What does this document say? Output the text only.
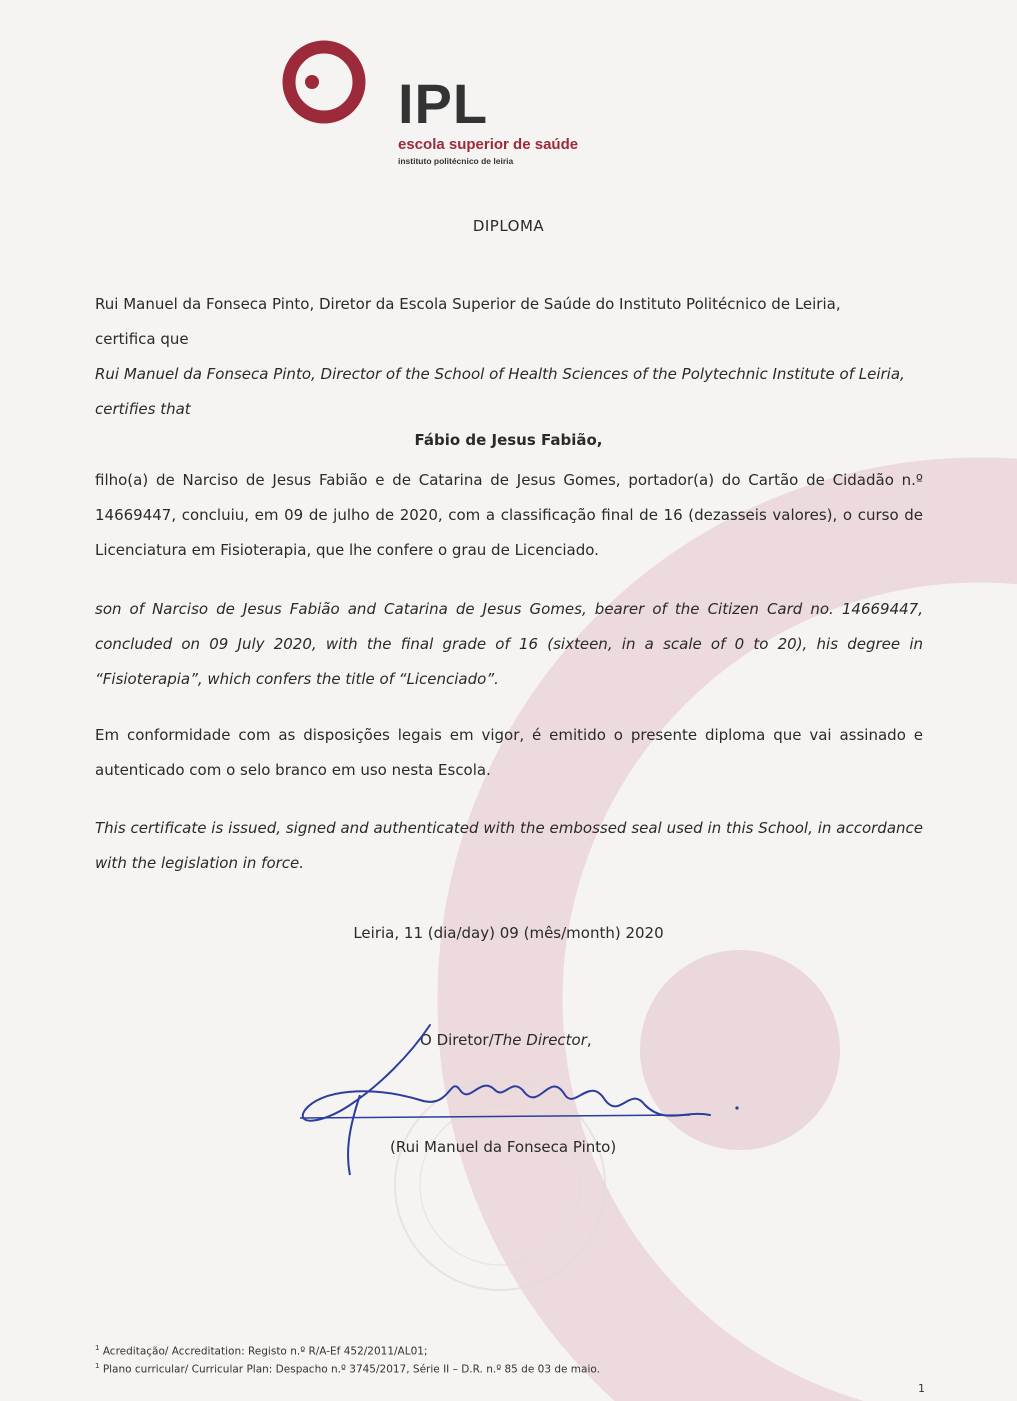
IPL
escola superior de saúde
instituto politécnico de leiria
DIPLOMA
Rui Manuel da Fonseca Pinto, Diretor da Escola Superior de Saúde do Instituto Politécnico de Leiria,
certifica que
Rui Manuel da Fonseca Pinto, Director of the School of Health Sciences of the Polytechnic Institute of Leiria,
certifies that
Fábio de Jesus Fabião,
filho(a) de Narciso de Jesus Fabião e de Catarina de Jesus Gomes, portador(a) do Cartão de Cidadão n.º 14669447, concluiu, em 09 de julho de 2020, com a classificação final de 16 (dezasseis valores), o curso de Licenciatura em Fisioterapia, que lhe confere o grau de Licenciado.
son of Narciso de Jesus Fabião and Catarina de Jesus Gomes, bearer of the Citizen Card no. 14669447, concluded on 09 July 2020, with the final grade of 16 (sixteen, in a scale of 0 to 20), his degree in “Fisioterapia”, which confers the title of “Licenciado”.
Em conformidade com as disposições legais em vigor, é emitido o presente diploma que vai assinado e autenticado com o selo branco em uso nesta Escola.
This certificate is issued, signed and authenticated with the embossed seal used in this School, in accordance with the legislation in force.
Leiria, 11 (dia/day) 09 (mês/month) 2020
O Diretor/The Director,
(Rui Manuel da Fonseca Pinto)
$^1$ Acreditação/ Accreditation: Registo n.º R/A-Ef 452/2011/AL01;
$^1$ Plano curricular/ Curricular Plan: Despacho n.º 3745/2017, Série II – D.R. n.º 85 de 03 de maio.
1
